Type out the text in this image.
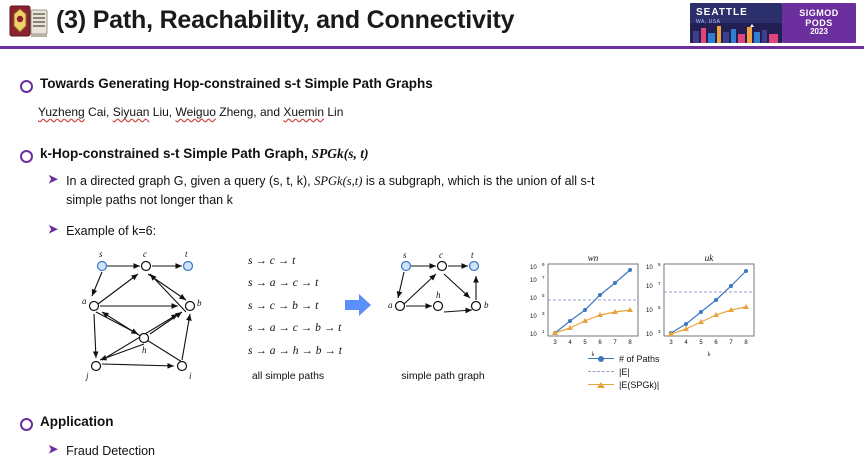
(3) Path, Reachability, and Connectivity	SEATTLE
WA, USA
SIGMOD
PODS
2023
Towards Generating Hop-constrained s-t Simple Path Graphs
Yuzheng Cai, Siyuan Liu, Weiguo Zheng, and Xuemin Lin
k-Hop-constrained s-t Simple Path Graph, SPGk(s, t)
➤ In a directed graph G, given a query (s, t, k), SPGk(s,t) is a subgraph, which is the union of all s-t simple paths not longer than k
➤ Example of k=6:
s	c	t
a	b
h
j	i
s → c → t
s → a → c → t
s → c → b → t
s → a → c → b → t
s → a → h → b → t
s	c	t
a
h
b
all simple paths	simple path graph
wn
10
1
10
3
10
5
10
7
10
9
3 4 5 6 7 8
k
uk
10
3
10
5
10
7
10
9
3 4 5 6 7 8
k
# of Paths
|E|
|E(SPGk)|
Application
➤ Fraud Detection
